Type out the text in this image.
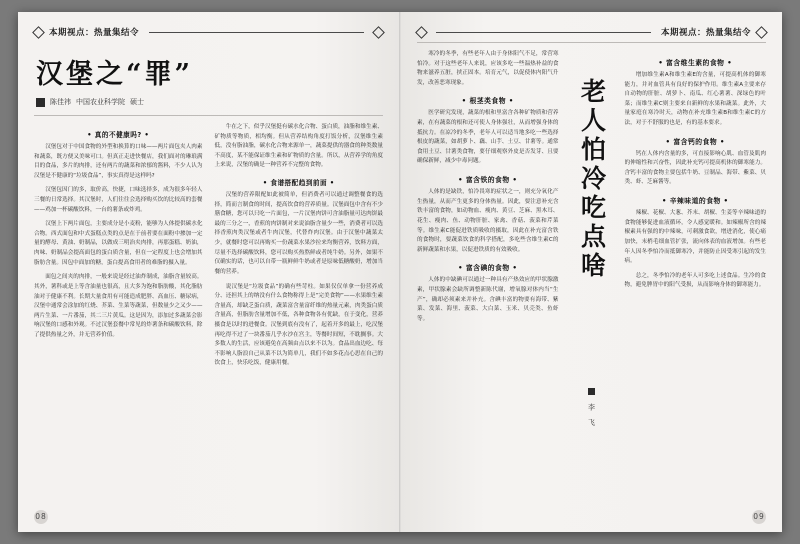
本期视点：热量集结令
汉堡之“罪”
陈佳祎 中国农业科学院 硕士
• 真的不健康吗? •

汉堡包对于中国食物的外型和换算的口味——两片面包夹人肉素和蔬菜，既方便又美味可口。但真正走进快餐店，我们面对的琳琅满目的食品，多片的肉排，还有两片的蔬菜和浓郁的酱料，不少人认为汉堡是不健康的“垃圾食品”，事实真得是这样吗?

汉堡包因门的多，取价高，快捷，口味选择多，成为很多年轻人三餐的日常选择。其汉堡时，人们往往会选择购买饮的比较高的套餐——鸡加一杯碳酸饮料，一台的薯条或炸鸡。

汉堡上下两片面包，主要成分是小麦粉，能够为人体提供碳水化合物。西式面包和中式蛋糕点类的点是在于前者要在面粉中掺加一定量的酵母、黄油、奶制品，以做成三明治夹肉排，再那蛋糕、奶油，肉味、奶制品会提高面包的蛋白质含量，但在一定程度上也会增加其脂肪含量。因包中面加的糖，蛋白提高食用者的难脂的摄入量。

面包之间夹的肉排，一般来说是经过油炸制成，油脂含量较高。其外，薯科或是上等含油量也很高，且大多为饱和脂肪酸，其化脂肪油对于健康不利。长期大量食用有可能造成肥胖、高血压、糖尿病，汉堡中通常会涂加的红烧、芥菜、生菜等蔬菜，但数量少之又少——两片生菜、一片番茄，其二三片黄瓜。这是因为，添加过多蔬菜会影响汉堡的口感和外观。不过汉堡套餐中常见的炸薯条和碳酸饮料，除了提供热量之外，并无营养价值。

牛在之下，似乎汉堡挺有碳水化合物、蛋白质，油脂和维生素、矿物质等物质，相均衡。但从营养结构角度打饭分析，汉堡维生素低，没有脂油脂，碳水化合物来源单一，蔬菜提供的器食的种类数量不高度，某不能保证维生素和矿物质的含量。所以，从营养学的角度上来说，汉堡的确是一种营养不完整的食物。

• 食谱搭配趋到前面 •

汉堡的营养限配如此被简单，但消费者可以通过调整餐食的选择，简而言制食的时间，提高饮食的营养质量。汉堡面包中含有不少膳食糖，您可以只吃一片面包，一片汉堡肉饼可含油脂量可达肉饼最最的三分之一，香煎的肉饼制对来说油脂含量少一些，消费者可以选择香煎肉类汉堡或者牛肉汉堡，代替炸肉汉堡。由于汉堡中蔬菜太少，就餐时您可以再购买一份蔬菜水果沙拉来均衡营养，饮料方面，尽量不选择碳酸饮料，您可以购买热熬鲜或者纯牛奶。另外，如果不仅确实的话，也可以自带一瓶鲜鲜牛奶或者是原味低糖酸奶，增加当餐的营养。

说汉堡是“垃圾食品”的确有些苛柱。如果仅仅单拿一份营养成分、还担其上的纳没有什么食物称得上是“完美食物”——水果维生素含量高，却缺乏蛋白质，蔬菜富含量富纤维的热量元素，肉类蛋白质含量高，但脂肪含量增加不低，各种食物各有优缺，在于变化，营养摄食是以时的进餐食。汉堡到底有没有了，起着开多的最上，吃汉堡再吃得不过了一块番茄几乎水沙在宫主，等餐时间短，不耽搁事。大多数人的生活，应该避免在高频由点以来不以为。食品出血边吃、每不影响人脂浪自己从菜不以为简单几，我们不如多花点心思在自己的饮食上，快乐吃饭，健康用餐。

08
本期视点：热量集结令

寒冷的冬季，有些老年人由于身体阳气不足，常营寒怕冷。对于这些老年人来说，应该多吃一些温热补益的食物来滋养五脏，挟正固本。培育元气，以促使体内阳气升发，改善恶寒现象。

• 根茎类食物 •

医学研究发现，蔬菜的根和里富含各种矿物质和营养素，在有蔬菜的根和还可使人身体强壮，从而增强身体的抵抗力。在凉冷的冬季，老年人可以适当地多吃一些选择根皮的蔬菜，如胡萝卜、藕、山芋、土豆、甘薯等。通常食用土豆、甘薯类食物，要仔细观察外皮是否发芽、且要确保新鲜，减少中毒问题。

• 富含铁的食物 •

人体的是缺铁，怕冷畏寒的症状之一，则充分氧化产生热量，从而产生更多的身体热量。因此，要注意补充含铁丰富的食物，如动物血、瘦肉、黄豆、芝麻、黑木耳、花生、瘦肉、鱼、动物肝脏、家禽、香菇、菠菜和芹菜等。维生素C能促进铁质吸收的摄取，因此在补充富含铁的食物时，要蔬菜饮食的科学搭配，多吃些含维生素C的新鲜蔬菜和水果，以促进铁质的有效吸收。

• 富含碘的食物 •

人体的中缺碘可以通过一种具有产热效应的甲状腺激素，甲状腺素会缺所调整新陈代谢，增氧腺对体内当“生产”，确却必须素来并补充。含碘丰富的物要有海带、紫菜、发菜、海里、菠菜、大白菜、玉米、贝壳类、鱼虾等。

老人怕冷吃点啥
李 飞
• 富含维生素的食物 •

增加维生素A和维生素E的含量，可提高机体的御寒能力，并对血管具有良好的保护作用。维生素A主要来存自动物的肝脏、胡萝卜、南瓜、红心薯薯、深绿色的叶菜；而维生素C则主要来自新鲜的水果和蔬菜。此外，大量家庭在寒冷时天，动物在补充维生素B和维生素C的方法，对于不舒服的也是，有的基本要求。

• 富含钙的食物 •

钙在人体内含量的多，可直接影响心肌、血管及肌肉的伸缩性和兴奋性，因此补充钙可提高机体的御寒能力。含钙丰富的食物主要包括牛奶、豆制品、海带、紫菜、贝类、虾、芝麻酱等。

• 辛辣味道的食物 •

辣椒、花椒、大葱、芥末、胡椒、生姜等辛辣味道的食物能够促进血液循环，令人感觉暖和。如辣椒所含的辣椒素具有强的的中辣味，可刺激食欲，增进消化，使心痛加快，末梢毛细血管扩张，流向体表的血液增加。有些老年人因冬季怕冷而抵御寒冷，并能防止因受寒引起的发生病。

总之，冬季怕冷的老年人可多吃上述食品。生冷的食物，避免脾胃中的阳气受损，从而影响身体的御寒能力。

09
